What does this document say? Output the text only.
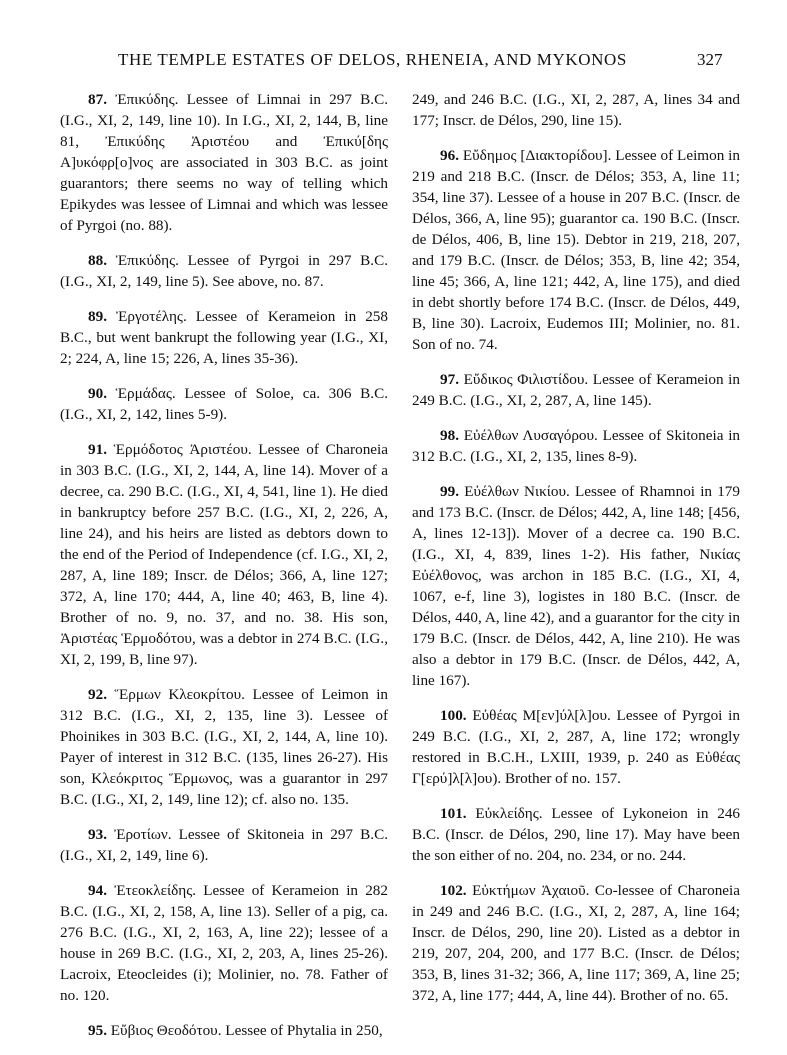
THE TEMPLE ESTATES OF DELOS, RHENEIA, AND MYKONOS	327

87. Ἐπικύδης. Lessee of Limnai in 297 B.C. (I.G., XI, 2, 149, line 10). In I.G., XI, 2, 144, B, line 81, Ἐπικύδης Ἀριστέου and Ἐπικύ[δης Α]υκόφρ[ο]νος are associated in 303 B.C. as joint guarantors; there seems no way of telling which Epikydes was lessee of Limnai and which was lessee of Pyrgoi (no. 88).

88. Ἐπικύδης. Lessee of Pyrgoi in 297 B.C. (I.G., XI, 2, 149, line 5). See above, no. 87.

89. Ἐργοτέλης. Lessee of Kerameion in 258 B.C., but went bankrupt the following year (I.G., XI, 2; 224, A, line 15; 226, A, lines 35-36).

90. Ἑρμάδας. Lessee of Soloe, ca. 306 B.C. (I.G., XI, 2, 142, lines 5-9).

91. Ἑρμόδοτος Ἀριστέου. Lessee of Charoneia in 303 B.C. (I.G., XI, 2, 144, A, line 14). Mover of a decree, ca. 290 B.C. (I.G., XI, 4, 541, line 1). He died in bankruptcy before 257 B.C. (I.G., XI, 2, 226, A, line 24), and his heirs are listed as debtors down to the end of the Period of Independence (cf. I.G., XI, 2, 287, A, line 189; Inscr. de Délos; 366, A, line 127; 372, A, line 170; 444, A, line 40; 463, B, line 4). Brother of no. 9, no. 37, and no. 38. His son, Ἀριστέας Ἑρμοδότου, was a debtor in 274 B.C. (I.G., XI, 2, 199, B, line 97).

92. Ἕρμων Κλεοκρίτου. Lessee of Leimon in 312 B.C. (I.G., XI, 2, 135, line 3). Lessee of Phoinikes in 303 B.C. (I.G., XI, 2, 144, A, line 10). Payer of interest in 312 B.C. (135, lines 26-27). His son, Κλεόκριτος Ἕρμωνος, was a guarantor in 297 B.C. (I.G., XI, 2, 149, line 12); cf. also no. 135.

93. Ἐροτίων. Lessee of Skitoneia in 297 B.C. (I.G., XI, 2, 149, line 6).

94. Ἐτεοκλείδης. Lessee of Kerameion in 282 B.C. (I.G., XI, 2, 158, A, line 13). Seller of a pig, ca. 276 B.C. (I.G., XI, 2, 163, A, line 22); lessee of a house in 269 B.C. (I.G., XI, 2, 203, A, lines 25-26). Lacroix, Eteocleides (i); Molinier, no. 78. Father of no. 120.

95. Εὔβιος Θεοδότου. Lessee of Phytalia in 250,

249, and 246 B.C. (I.G., XI, 2, 287, A, lines 34 and 177; Inscr. de Délos, 290, line 15).

96. Εὔδημος [Διακτορίδου]. Lessee of Leimon in 219 and 218 B.C. (Inscr. de Délos; 353, A, line 11; 354, line 37). Lessee of a house in 207 B.C. (Inscr. de Délos, 366, A, line 95); guarantor ca. 190 B.C. (Inscr. de Délos, 406, B, line 15). Debtor in 219, 218, 207, and 179 B.C. (Inscr. de Délos; 353, B, line 42; 354, line 45; 366, A, line 121; 442, A, line 175), and died in debt shortly before 174 B.C. (Inscr. de Délos, 449, B, line 30). Lacroix, Eudemos III; Molinier, no. 81. Son of no. 74.

97. Εὔδικος Φιλιστίδου. Lessee of Kerameion in 249 B.C. (I.G., XI, 2, 287, A, line 145).

98. Εὐέλθων Λυσαγόρου. Lessee of Skitoneia in 312 B.C. (I.G., XI, 2, 135, lines 8-9).

99. Εὐέλθων Νικίου. Lessee of Rhamnoi in 179 and 173 B.C. (Inscr. de Délos; 442, A, line 148; [456, A, lines 12-13]). Mover of a decree ca. 190 B.C. (I.G., XI, 4, 839, lines 1-2). His father, Νικίας Εὐέλθονος, was archon in 185 B.C. (I.G., XI, 4, 1067, e-f, line 3), logistes in 180 B.C. (Inscr. de Délos, 440, A, line 42), and a guarantor for the city in 179 B.C. (Inscr. de Délos, 442, A, line 210). He was also a debtor in 179 B.C. (Inscr. de Délos, 442, A, line 167).

100. Εὐθέας Μ[εν]ύλ[λ]ου. Lessee of Pyrgoi in 249 B.C. (I.G., XI, 2, 287, A, line 172; wrongly restored in B.C.H., LXIII, 1939, p. 240 as Εὐθέας Γ[ερύ]λ[λ]ου). Brother of no. 157.

101. Εὐκλείδης. Lessee of Lykoneion in 246 B.C. (Inscr. de Délos, 290, line 17). May have been the son either of no. 204, no. 234, or no. 244.

102. Εὐκτήμων Ἀχαιοῦ. Co-lessee of Charoneia in 249 and 246 B.C. (I.G., XI, 2, 287, A, line 164; Inscr. de Délos, 290, line 20). Listed as a debtor in 219, 207, 204, 200, and 177 B.C. (Inscr. de Délos; 353, B, lines 31-32; 366, A, line 117; 369, A, line 25; 372, A, line 177; 444, A, line 44). Brother of no. 65.
